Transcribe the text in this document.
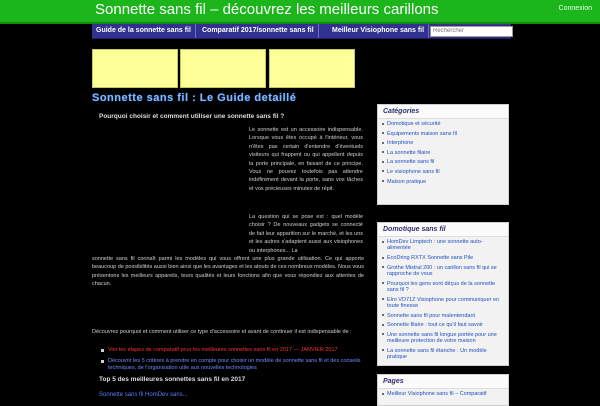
Sonnette sans fil – découvrez les meilleurs carillons	Connexion
Guide de la sonnette sans fil	Comparatif 2017/sonnette sans fil	Meilleur Visiophone sans fil
Rechercher
Sonnette sans fil : Le Guide detaillé
Pourquoi choisir et comment utiliser une sonnette sans fil ?
Le sonnette est un accessoire indispensable. Lorsque vous êtes occupé à l'intérieur, vous n'êtes pas certain d'entendre d'éventuels visiteurs qui frappent ou qui appellent depuis la porte principale, en faisant de ce principe. Vous ne pouvez toutefois pas attendre indéfiniment devant la porte, sans vos tâches et vos précieuses minutes de répit.
La question qui se pose est : quel modèle choisir ? De nouveaux gadgets se connecté de fait leur apparition sur le marché, et les uns et les autres s'adaptent aussi aux visiophones ou interphones... La
sonnette sans fil connaît parmi les modèles qui vous offrent une plus grande utilisation. Ce qui apporte beaucoup de possibilités aussi bien ainsi que les avantages et les atouts de ces nombreux modèles. Nous vous présentons les meilleurs appareils, leurs qualités et leurs fonctions afin que vous répondiez aux attentes de chacun.
Découvrez pourquoi et comment utiliser ce type d'accessoire et avant de continuer il est indispensable de :
Voir les étapes de comparatif pour les meilleures sonnettes sans fil en 2017 — JANVIER 2017
Découvrir les 5 critères à prendre en compte pour choisir un modèle de sonnette sans fil et des conseils techniques, de l'organisation utile aux nouvelles technologies
Top 5 des meilleures sonnettes sans fil en 2017
Sonnette sans fil HomDev sans...
Catégories
Domotique et sécurité
Équipements maison sans fil
Interphone
La sonnette filaire
La sonnette sans fil
Le visiophone sans fil
Maison pratique
Domotique sans fil
HomDev Limptech : une sonnette auto-alimentée
EcoDring RXTX Sonnette sans Pile
Grothe Mistral 200 : un carillon sans fil qui se rapproche de vous
Pourquoi les gens sont déçus de la sonnette sans fil ?
Elro VD71Z Visiophone pour communiquer en toute finesse
Sonnette sans fil pour malentendant
Sonnette filaire : tout ce qu'il faut savoir
Une sonnette sans fil longue portée pour une meilleure protection de votre maison
La sonnette sans fil étanche : Un modèle pratique
Pages
Meilleur Visiophone sans fil – Comparatif
